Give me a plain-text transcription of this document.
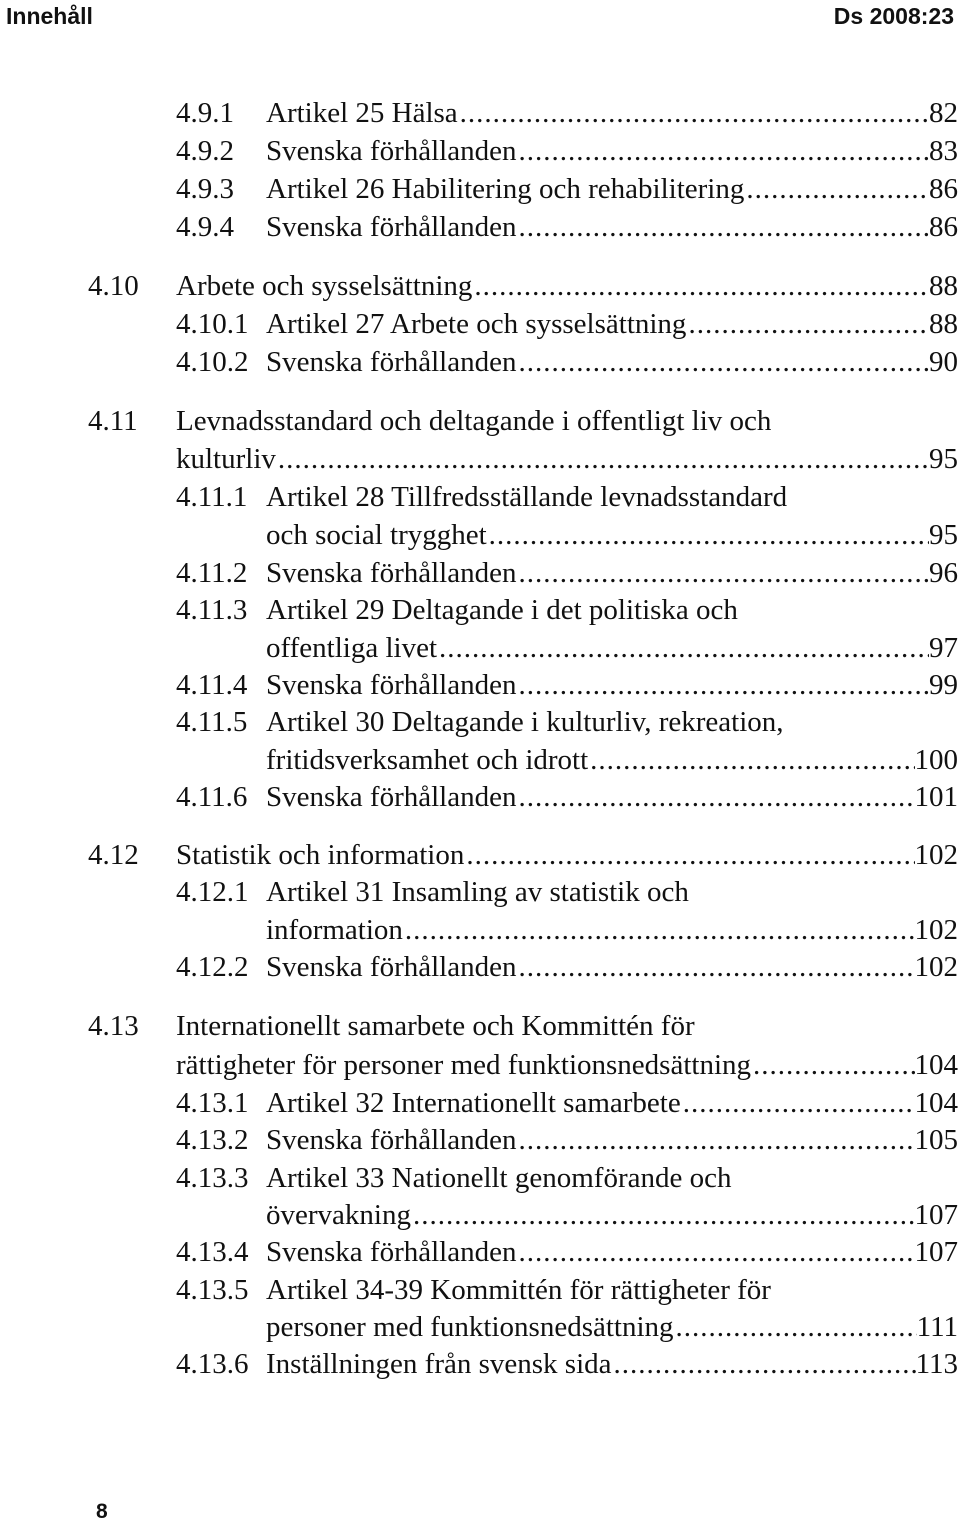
Innehåll	Ds 2008:23
4.9.1 Artikel 25 Hälsa .....	82
4.9.2 Svenska förhållanden .....	83
4.9.3 Artikel 26 Habilitering och rehabilitering .....	86
4.9.4 Svenska förhållanden .....	86
4.10 Arbete och sysselsättning .....	88
4.10.1 Artikel 27 Arbete och sysselsättning .....	88
4.10.2 Svenska förhållanden .....	90
4.11 Levnadsstandard och deltagande i offentligt liv och
kulturliv .....	95
4.11.1 Artikel 28 Tillfredsställande levnadsstandard
och social trygghet .....	95
4.11.2 Svenska förhållanden .....	96
4.11.3 Artikel 29 Deltagande i det politiska och
offentliga livet .....	97
4.11.4 Svenska förhållanden .....	99
4.11.5 Artikel 30 Deltagande i kulturliv, rekreation,
fritidsverksamhet och idrott .....	100
4.11.6 Svenska förhållanden .....	101
4.12 Statistik och information .....	102
4.12.1 Artikel 31 Insamling av statistik och
information .....	102
4.12.2 Svenska förhållanden .....	102
4.13 Internationellt samarbete och Kommittén för
rättigheter för personer med funktionsnedsättning .....	104
4.13.1 Artikel 32 Internationellt samarbete .....	104
4.13.2 Svenska förhållanden .....	105
4.13.3 Artikel 33 Nationellt genomförande och
övervakning .....	107
4.13.4 Svenska förhållanden .....	107
4.13.5 Artikel 34-39 Kommittén för rättigheter för
personer med funktionsnedsättning .....	111
4.13.6 Inställningen från svensk sida .....	113
8
